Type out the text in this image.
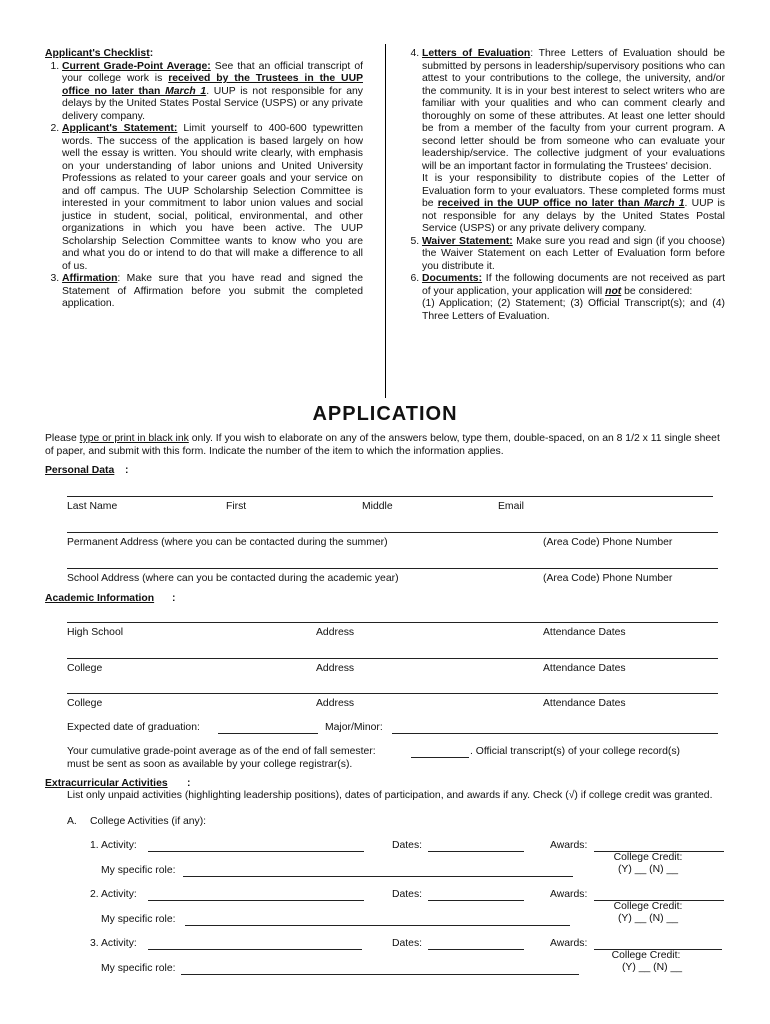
Applicant's Checklist:
1. Current Grade-Point Average: See that an official transcript of your college work is received by the Trustees in the UUP office no later than March 1. UUP is not responsible for any delays by the United States Postal Service (USPS) or any private delivery company.
2. Applicant's Statement: Limit yourself to 400-600 typewritten words. The success of the application is based largely on how well the essay is written. You should write clearly, with emphasis on your understanding of labor unions and United University Professions as related to your career goals and your service on and off campus. The UUP Scholarship Selection Committee is interested in your commitment to labor union values and social justice in student, social, political, environmental, and other organizations in which you have been active. The UUP Scholarship Selection Committee wants to know who you are and what you do or intend to do that will make a difference to all of us.
3. Affirmation: Make sure that you have read and signed the Statement of Affirmation before you submit the completed application.
4. Letters of Evaluation: Three Letters of Evaluation should be submitted by persons in leadership/supervisory positions who can attest to your contributions to the college, the university, and/or the community. It is in your best interest to select writers who are familiar with your qualities and who can comment clearly and thoroughly on some of these attributes. At least one letter should be from a member of the faculty from your current program. A second letter should be from someone who can evaluate your leadership/service. The collective judgment of your evaluations will be an important factor in formulating the Trustees' decision.
It is your responsibility to distribute copies of the Letter of Evaluation form to your evaluators. These completed forms must be received in the UUP office no later than March 1. UUP is not responsible for any delays by the United States Postal Service (USPS) or any private delivery company.
5. Waiver Statement: Make sure you read and sign (if you choose) the Waiver Statement on each Letter of Evaluation form before you distribute it.
6. Documents: If the following documents are not received as part of your application, your application will not be considered:
(1) Application; (2) Statement; (3) Official Transcript(s); and (4) Three Letters of Evaluation.
APPLICATION
Please type or print in black ink only. If you wish to elaborate on any of the answers below, type them, double-spaced, on an 8 1/2 x 11 single sheet of paper, and submit with this form. Indicate the number of the item to which the information applies.
Personal Data :
Last Name	First	Middle	Email
Permanent Address (where you can be contacted during the summer)	(Area Code) Phone Number
School Address (where can you be contacted during the academic year)	(Area Code) Phone Number
Academic Information :
High School	Address	Attendance Dates
College	Address	Attendance Dates
College	Address	Attendance Dates
Expected date of graduation:	Major/Minor:
Your cumulative grade-point average as of the end of fall semester:	. Official transcript(s) of your college record(s)
must be sent as soon as available by your college registrar(s).
Extracurricular Activities :
List only unpaid activities (highlighting leadership positions), dates of participation, and awards if any. Check (√) if college credit was granted.
A. College Activities (if any):
1. Activity:	Dates:	Awards:
College Credit:
(Y) __ (N) __
My specific role:
2. Activity:	Dates:	Awards:
College Credit:
(Y) __ (N) __
My specific role:
3. Activity:	Dates:	Awards:
College Credit:
(Y) __ (N) __
My specific role:
